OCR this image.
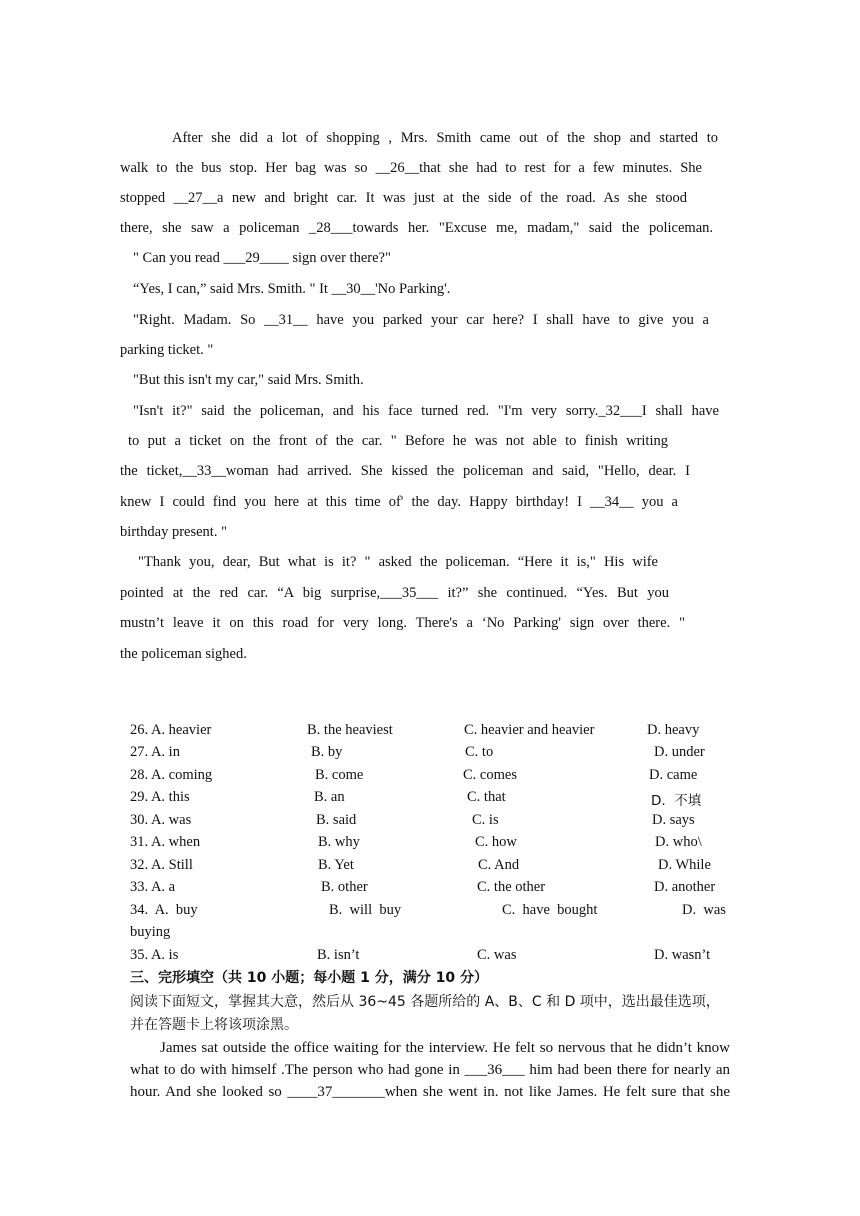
After she did a lot of shopping , Mrs. Smith came out of the shop and started to
walk to the bus stop. Her bag was so __26__that she had to rest for a few minutes. She
stopped __27__a new and bright car. It was just at the side of the road. As she stood
there, she saw a policeman _28___towards her. "Excuse me, madam," said the policeman.
" Can you read ___29____ sign over there?"
“Yes, I can,” said Mrs. Smith. " It __30__'No Parking'.
"Right. Madam. So __31__ have you parked your car here? I shall have to give you a
parking ticket. "
"But this isn't my car," said Mrs. Smith.
"Isn't it?" said the policeman, and his face turned red. "I'm very sorry._32___I shall have
to put a ticket on the front of the car. " Before he was not able to finish writing
the ticket,__33__woman had arrived. She kissed the policeman and said, "Hello, dear. I
knew I could find you here at this time of' the day. Happy birthday! I __34__ you a
birthday present. "
"Thank you, dear, But what is it? " asked the policeman. “Here it is," His wife
pointed at the red car. “A big surprise,___35___ it?” she continued. “Yes. But you
mustn’t leave it on this road for very long. There's a ‘No Parking' sign over there. "
the policeman sighed.
26. A. heavier	B. the heaviest	C. heavier and heavier	D. heavy
27. A. in	B. by	C. to	D. under
28. A. coming	B. come	C. comes	D. came
29. A. this	B. an	C. that	D.  不填
30. A. was	B. said	C. is	D. says
31. A. when	B. why	C. how	D. who\
32. A. Still	B. Yet	C. And	D. While
33. A. a	B. other	C. the other	D. another
34.  A.  buy	B.  will  buy	C.  have  bought	D.  was
buying
35. A. is	B. isn’t	C. was	D. wasn’t
三、完形填空（共 10 小题；每小题 1 分，满分 10 分）
阅读下面短文，掌握其大意，然后从 36~45 各题所给的 A、B、C 和 D 项中，选出最佳选项，
并在答题卡上将该项涂黑。
James sat outside the office waiting for the interview. He felt so nervous that he didn’t know
what to do with himself .The person who had gone in ___36___ him had been there for nearly an
hour. And she looked so ____37_______when she went in. not like James. He felt sure that she
